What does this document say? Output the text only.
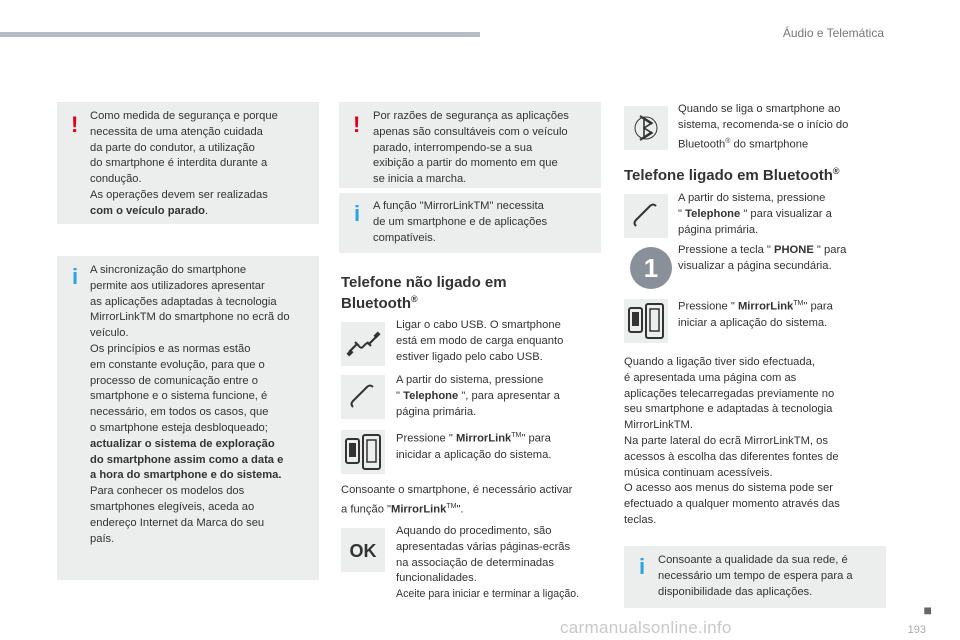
Áudio e Telemática
! Como medida de segurança e porque
necessita de uma atenção cuidada
da parte do condutor, a utilização
do smartphone é interdita durante a
condução.
As operações devem ser realizadas
com o veículo parado.
i A sincronização do smartphone
permite aos utilizadores apresentar
as aplicações adaptadas à tecnologia
MirrorLinkTM do smartphone no ecrã do
veículo.
Os princípios e as normas estão
em constante evolução, para que o
processo de comunicação entre o
smartphone e o sistema funcione, é
necessário, em todos os casos, que
o smartphone esteja desbloqueado;
actualizar o sistema de exploração
do smartphone assim como a data e
a hora do smartphone e do sistema.
Para conhecer os modelos dos
smartphones elegíveis, aceda ao
endereço Internet da Marca do seu
país.
! Por razões de segurança as aplicações
apenas são consultáveis com o veículo
parado, interrompendo-se a sua
exibição a partir do momento em que
se inicia a marcha.
i A função "MirrorLinkTM" necessita
de um smartphone e de aplicações
compatíveis.
Telefone não ligado em
Bluetooth®
Ligar o cabo USB. O smartphone
está em modo de carga enquanto
estiver ligado pelo cabo USB.
A partir do sistema, pressione
" Telephone ", para apresentar a
página primária.
Pressione " MirrorLink™" para
inicidar a aplicação do sistema.
Consoante o smartphone, é necessário activar
a função "MirrorLink™".
OK
Aquando do procedimento, são
apresentadas várias páginas-ecrãs
na associação de determinadas
funcionalidades.
Aceite para iniciar e terminar a ligação.
Quando se liga o smartphone ao
sistema, recomenda-se o início do
Bluetooth® do smartphone
Telefone ligado em Bluetooth®
A partir do sistema, pressione
" Telephone " para visualizar a
página primária.
1
Pressione a tecla " PHONE " para
visualizar a página secundária.
Pressione " MirrorLink™" para
iniciar a aplicação do sistema.
Quando a ligação tiver sido efectuada,
é apresentada uma página com as
aplicações telecarregadas previamente no
seu smartphone e adaptadas à tecnologia
MirrorLinkTM.
Na parte lateral do ecrã MirrorLinkTM, os
acessos à escolha das diferentes fontes de
música continuam acessíveis.
O acesso aos menus do sistema pode ser
efectuado a qualquer momento através das
teclas.
i Consoante a qualidade da sua rede, é
necessário um tempo de espera para a
disponibilidade das aplicações.
carmanualsonline.info
■
193
